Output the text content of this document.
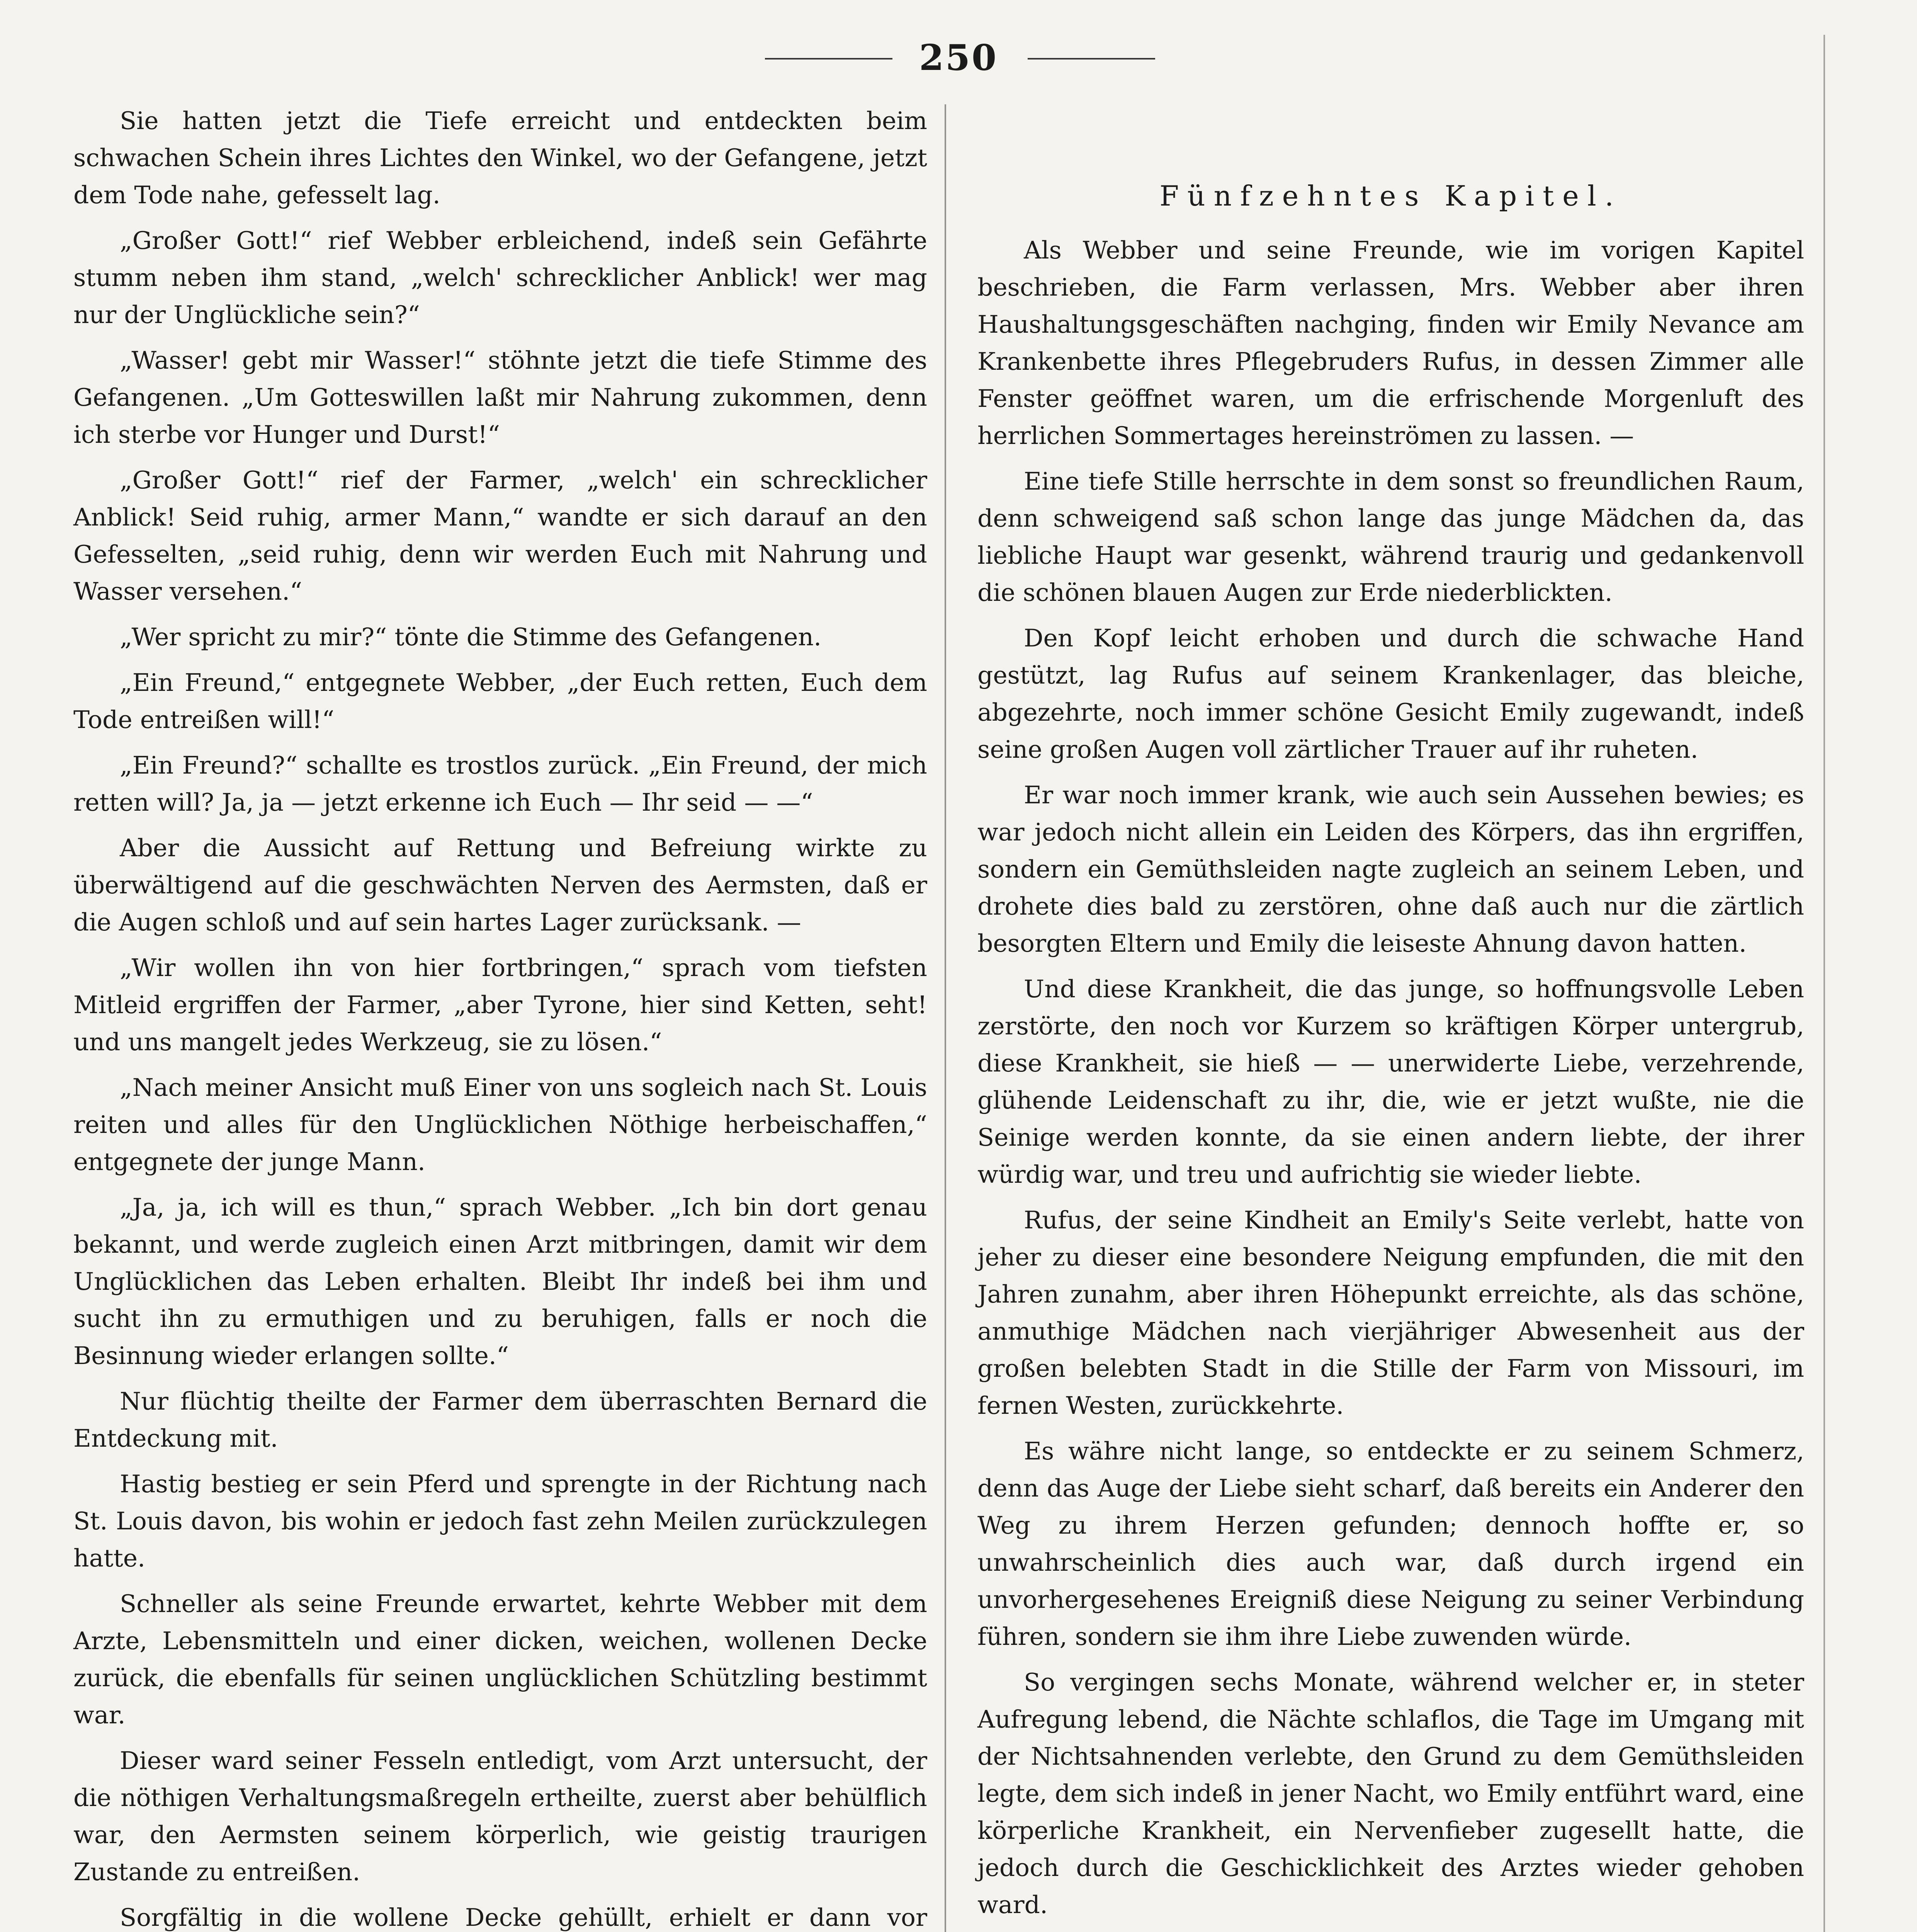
250

Sie hatten jetzt die Tiefe erreicht und entdeckten beim schwachen Schein ihres Lichtes den Winkel, wo der Gefangene, jetzt dem Tode nahe, gefesselt lag.

„Großer Gott!“ rief Webber erbleichend, indeß sein Gefährte stumm neben ihm stand, „welch' schrecklicher Anblick! wer mag nur der Unglückliche sein?“

„Wasser! gebt mir Wasser!“ stöhnte jetzt die tiefe Stimme des Gefangenen. „Um Gotteswillen laßt mir Nahrung zukommen, denn ich sterbe vor Hunger und Durst!“

„Großer Gott!“ rief der Farmer, „welch' ein schrecklicher Anblick! Seid ruhig, armer Mann,“ wandte er sich darauf an den Gefesselten, „seid ruhig, denn wir werden Euch mit Nahrung und Wasser versehen.“

„Wer spricht zu mir?“ tönte die Stimme des Gefangenen.

„Ein Freund,“ entgegnete Webber, „der Euch retten, Euch dem Tode entreißen will!“

„Ein Freund?“ schallte es trostlos zurück. „Ein Freund, der mich retten will? Ja, ja — jetzt erkenne ich Euch — Ihr seid — —“

Aber die Aussicht auf Rettung und Befreiung wirkte zu überwältigend auf die geschwächten Nerven des Aermsten, daß er die Augen schloß und auf sein hartes Lager zurücksank. —

„Wir wollen ihn von hier fortbringen,“ sprach vom tiefsten Mitleid ergriffen der Farmer, „aber Tyrone, hier sind Ketten, seht! und uns mangelt jedes Werkzeug, sie zu lösen.“

„Nach meiner Ansicht muß Einer von uns sogleich nach St. Louis reiten und alles für den Unglücklichen Nöthige herbeischaffen,“ entgegnete der junge Mann.

„Ja, ja, ich will es thun,“ sprach Webber. „Ich bin dort genau bekannt, und werde zugleich einen Arzt mitbringen, damit wir dem Unglücklichen das Leben erhalten. Bleibt Ihr indeß bei ihm und sucht ihn zu ermuthigen und zu beruhigen, falls er noch die Besinnung wieder erlangen sollte.“

Nur flüchtig theilte der Farmer dem überraschten Bernard die Entdeckung mit.

Hastig bestieg er sein Pferd und sprengte in der Richtung nach St. Louis davon, bis wohin er jedoch fast zehn Meilen zurückzulegen hatte.

Schneller als seine Freunde erwartet, kehrte Webber mit dem Arzte, Lebensmitteln und einer dicken, weichen, wollenen Decke zurück, die ebenfalls für seinen unglücklichen Schützling bestimmt war.

Dieser ward seiner Fesseln entledigt, vom Arzt untersucht, der die nöthigen Verhaltungsmaßregeln ertheilte, zuerst aber behülflich war, den Aermsten seinem körperlich, wie geistig traurigen Zustande zu entreißen.

Sorgfältig in die wollene Decke gehüllt, erhielt er dann vor

Fünfzehntes Kapitel.

Als Webber und seine Freunde, wie im vorigen Kapitel beschrieben, die Farm verlassen, Mrs. Webber aber ihren Haushaltungsgeschäften nachging, finden wir Emily Nevance am Krankenbette ihres Pflegebruders Rufus, in dessen Zimmer alle Fenster geöffnet waren, um die erfrischende Morgenluft des herrlichen Sommertages hereinströmen zu lassen. —

Eine tiefe Stille herrschte in dem sonst so freundlichen Raum, denn schweigend saß schon lange das junge Mädchen da, das liebliche Haupt war gesenkt, während traurig und gedankenvoll die schönen blauen Augen zur Erde niederblickten.

Den Kopf leicht erhoben und durch die schwache Hand gestützt, lag Rufus auf seinem Krankenlager, das bleiche, abgezehrte, noch immer schöne Gesicht Emily zugewandt, indeß seine großen Augen voll zärtlicher Trauer auf ihr ruheten.

Er war noch immer krank, wie auch sein Aussehen bewies; es war jedoch nicht allein ein Leiden des Körpers, das ihn ergriffen, sondern ein Gemüthsleiden nagte zugleich an seinem Leben, und drohete dies bald zu zerstören, ohne daß auch nur die zärtlich besorgten Eltern und Emily die leiseste Ahnung davon hatten.

Und diese Krankheit, die das junge, so hoffnungsvolle Leben zerstörte, den noch vor Kurzem so kräftigen Körper untergrub, diese Krankheit, sie hieß — — unerwiderte Liebe, verzehrende, glühende Leidenschaft zu ihr, die, wie er jetzt wußte, nie die Seinige werden konnte, da sie einen andern liebte, der ihrer würdig war, und treu und aufrichtig sie wieder liebte.

Rufus, der seine Kindheit an Emily's Seite verlebt, hatte von jeher zu dieser eine besondere Neigung empfunden, die mit den Jahren zunahm, aber ihren Höhepunkt erreichte, als das schöne, anmuthige Mädchen nach vierjähriger Abwesenheit aus der großen belebten Stadt in die Stille der Farm von Missouri, im fernen Westen, zurückkehrte.

Es währe nicht lange, so entdeckte er zu seinem Schmerz, denn das Auge der Liebe sieht scharf, daß bereits ein Anderer den Weg zu ihrem Herzen gefunden; dennoch hoffte er, so unwahrscheinlich dies auch war, daß durch irgend ein unvorhergesehenes Ereigniß diese Neigung zu seiner Verbindung führen, sondern sie ihm ihre Liebe zuwenden würde.

So vergingen sechs Monate, während welcher er, in steter Aufregung lebend, die Nächte schlaflos, die Tage im Umgang mit der Nichtsahnenden verlebte, den Grund zu dem Gemüthsleiden legte, dem sich indeß in jener Nacht, wo Emily entführt ward, eine körperliche Krankheit, ein Nervenfieber zugesellt hatte, die jedoch durch die Geschicklichkeit des Arztes wieder gehoben ward.
